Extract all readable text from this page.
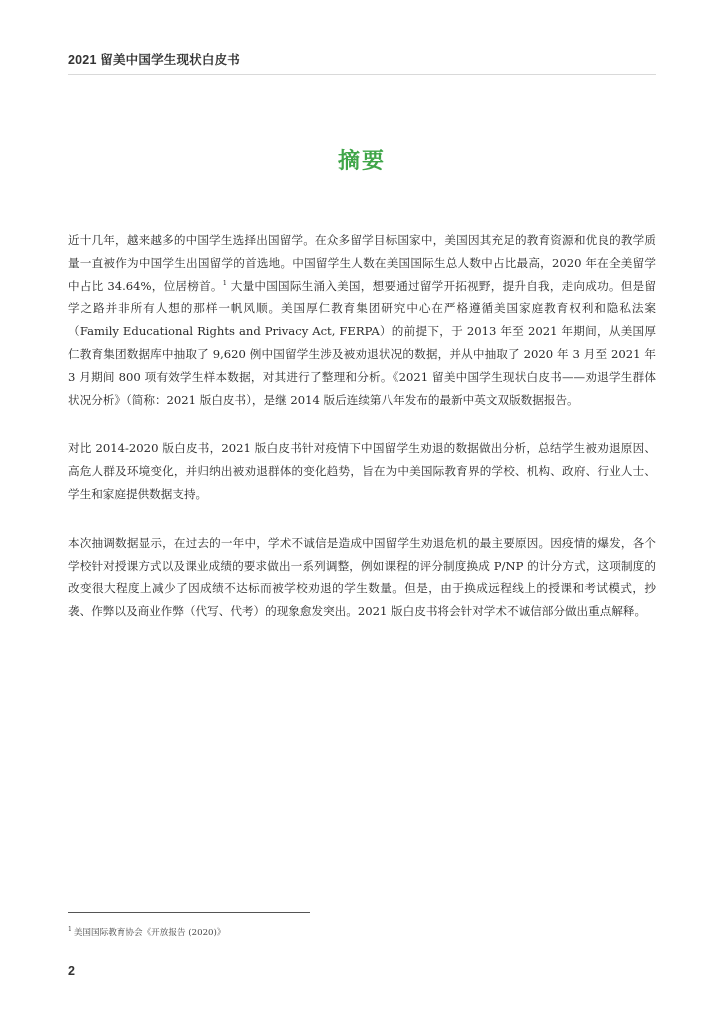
2021 留美中国学生现状白皮书
摘要

近十几年，越来越多的中国学生选择出国留学。在众多留学目标国家中，美国因其充足的教育资源和优良的教学质量一直被作为中国学生出国留学的首选地。中国留学生人数在美国国际生总人数中占比最高，2020 年在全美留学中占比 34.64%，位居榜首。$^1$ 大量中国国际生涌入美国，想要通过留学开拓视野，提升自我，走向成功。但是留学之路并非所有人想的那样一帆风顺。美国厚仁教育集团研究中心在严格遵循美国家庭教育权利和隐私法案（Family Educational Rights and Privacy Act, FERPA）的前提下，于 2013 年至 2021 年期间，从美国厚仁教育集团数据库中抽取了 9,620 例中国留学生涉及被劝退状况的数据，并从中抽取了 2020 年 3 月至 2021 年 3 月期间 800 项有效学生样本数据，对其进行了整理和分析。《2021 留美中国学生现状白皮书——劝退学生群体状况分析》（简称：2021 版白皮书），是继 2014 版后连续第八年发布的最新中英文双版数据报告。

对比 2014-2020 版白皮书，2021 版白皮书针对疫情下中国留学生劝退的数据做出分析，总结学生被劝退原因、高危人群及环境变化，并归纳出被劝退群体的变化趋势，旨在为中美国际教育界的学校、机构、政府、行业人士、学生和家庭提供数据支持。

本次抽调数据显示，在过去的一年中，学术不诚信是造成中国留学生劝退危机的最主要原因。因疫情的爆发，各个学校针对授课方式以及课业成绩的要求做出一系列调整，例如课程的评分制度换成 P/NP 的计分方式，这项制度的改变很大程度上减少了因成绩不达标而被学校劝退的学生数量。但是，由于换成远程线上的授课和考试模式，抄袭、作弊以及商业作弊（代写、代考）的现象愈发突出。2021 版白皮书将会针对学术不诚信部分做出重点解释。

$^1$ 美国国际教育协会《开放报告 (2020)》
2
